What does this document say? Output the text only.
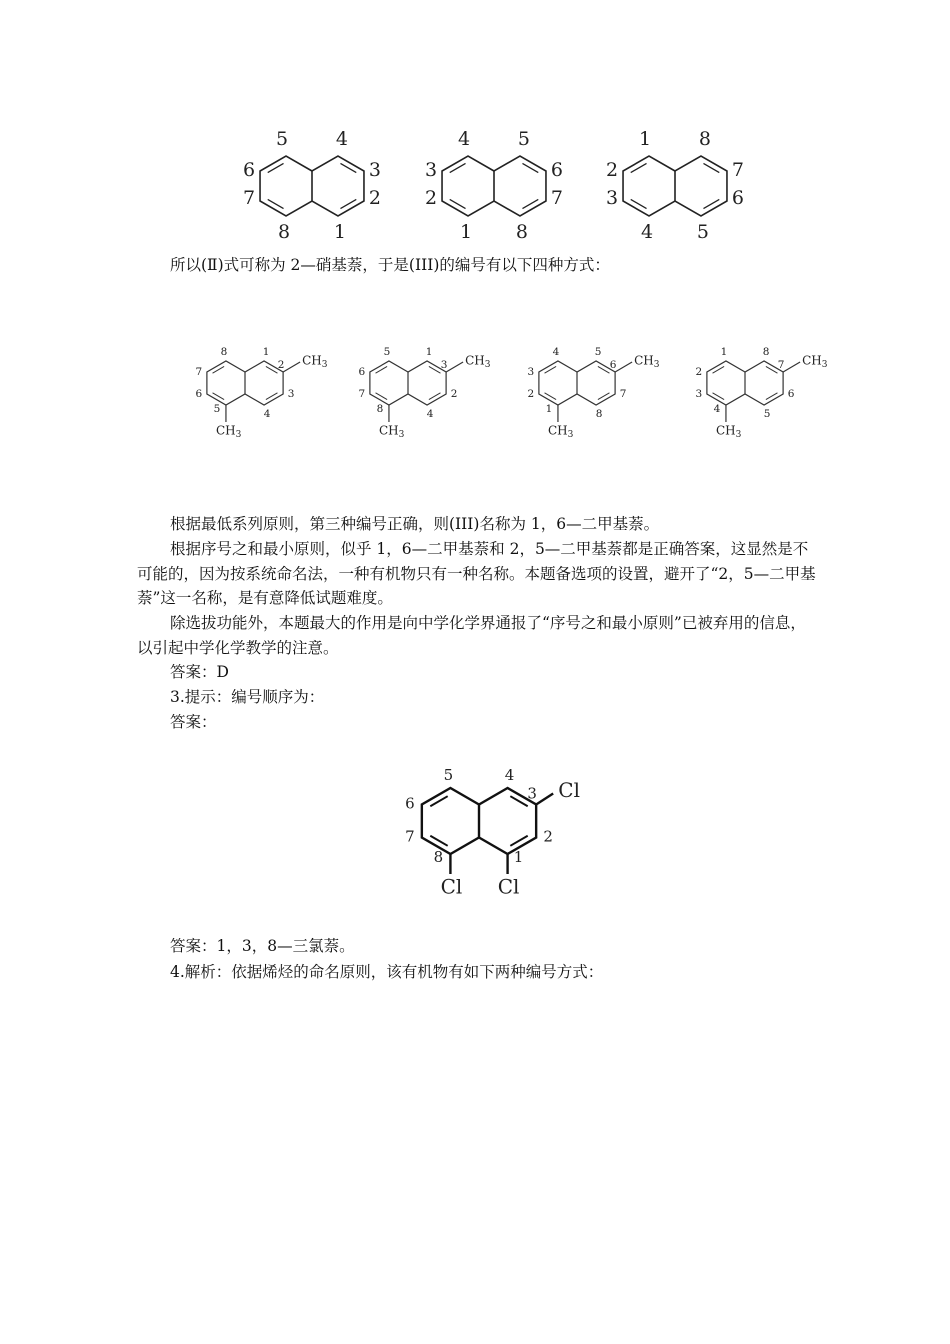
5	4
6
7
3
2
8 1
4	5
3
2
6
7
1 8
1	8
2
3
7
6
4 5

所以(Ⅱ)式可称为 2—硝基萘，于是(III)的编号有以下四种方式：

$CH_3$
$CH_3$
8	1
7
6
2
3
5	4
$CH_3$
$CH_3$
5	1
6
7
3
2
8	4
$CH_3$
$CH_3$
4	5
3
2
6
7
1	8
$CH_3$
$CH_3$
1	8
2
3
7
6
4	5

根据最低系列原则，第三种编号正确，则(III)名称为 1，6—二甲基萘。

根据序号之和最小原则，似乎 1，6—二甲基萘和 2，5—二甲基萘都是正确答案，这显然是不可能的，因为按系统命名法，一种有机物只有一种名称。本题备选项的设置，避开了“2，5—二甲基萘”这一名称，是有意降低试题难度。

除选拔功能外，本题最大的作用是向中学化学界通报了“序号之和最小原则”已被弃用的信息，以引起中学化学教学的注意。

答案：D

3.提示：编号顺序为：

答案：

Cl
Cl
Cl
5	4
6
7
3
2
8	1

答案：1，3，8—三氯萘。

4.解析：依据烯烃的命名原则，该有机物有如下两种编号方式：
